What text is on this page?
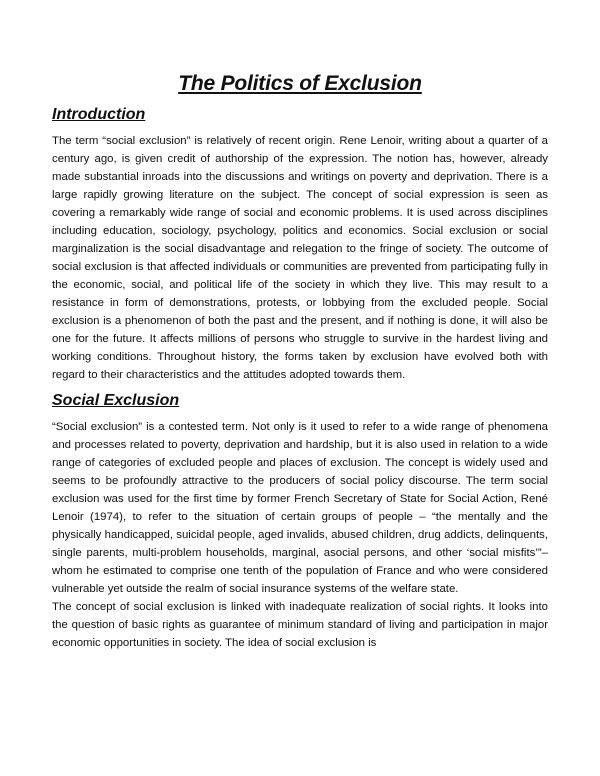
The Politics of Exclusion
Introduction

The term “social exclusion” is relatively of recent origin. Rene Lenoir, writing about a quarter of a century ago, is given credit of authorship of the expression. The notion has, however, already made substantial inroads into the discussions and writings on poverty and deprivation. There is a large rapidly growing literature on the subject. The concept of social expression is seen as covering a remarkably wide range of social and economic problems. It is used across disciplines including education, sociology, psychology, politics and economics. Social exclusion or social marginalization is the social disadvantage and relegation to the fringe of society. The outcome of social exclusion is that affected individuals or communities are prevented from participating fully in the economic, social, and political life of the society in which they live. This may result to a resistance in form of demonstrations, protests, or lobbying from the excluded people. Social exclusion is a phenomenon of both the past and the present, and if nothing is done, it will also be one for the future. It affects millions of persons who struggle to survive in the hardest living and working conditions. Throughout history, the forms taken by exclusion have evolved both with regard to their characteristics and the attitudes adopted towards them.

Social Exclusion

“Social exclusion” is a contested term. Not only is it used to refer to a wide range of phenomena and processes related to poverty, deprivation and hardship, but it is also used in relation to a wide range of categories of excluded people and places of exclusion. The concept is widely used and seems to be profoundly attractive to the producers of social policy discourse. The term social exclusion was used for the first time by former French Secretary of State for Social Action, René Lenoir (1974), to refer to the situation of certain groups of people – “the mentally and the physically handicapped, suicidal people, aged invalids, abused children, drug addicts, delinquents, single parents, multi-problem households, marginal, asocial persons, and other ‘social misfits’”– whom he estimated to comprise one tenth of the population of France and who were considered vulnerable yet outside the realm of social insurance systems of the welfare state.

The concept of social exclusion is linked with inadequate realization of social rights. It looks into the question of basic rights as guarantee of minimum standard of living and participation in major economic opportunities in society. The idea of social exclusion is
